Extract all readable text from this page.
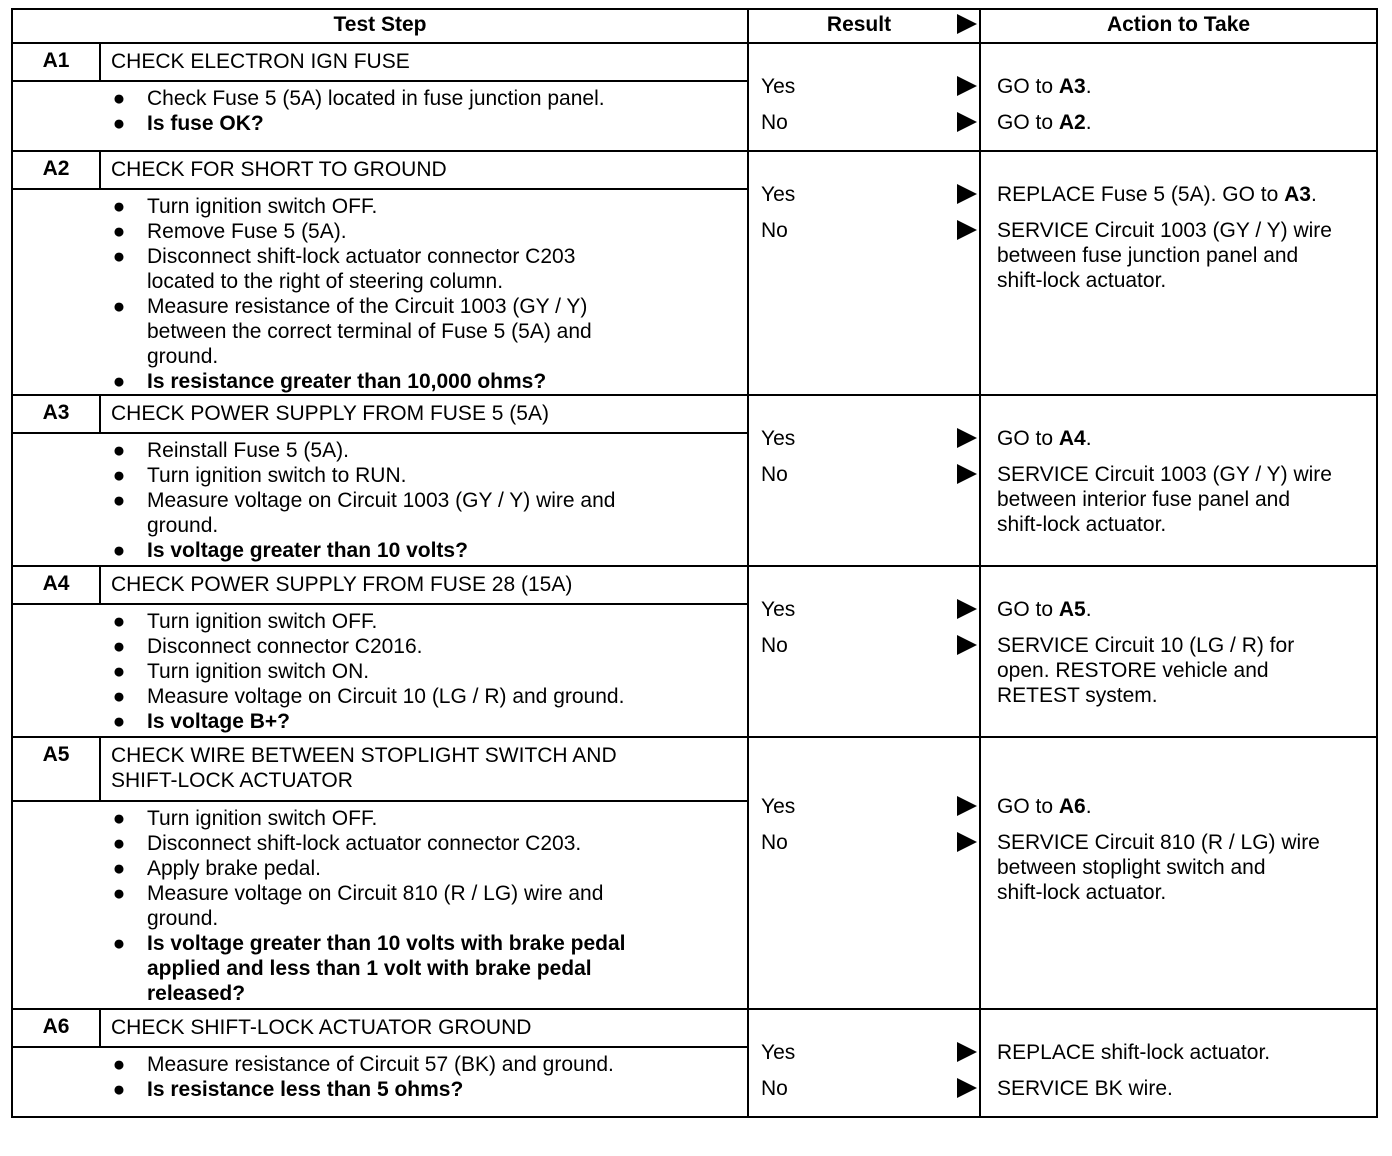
Test Step	Result	Action to Take
A1	CHECK ELECTRON IGN FUSE
● Check Fuse 5 (5A) located in fuse junction panel.
● Is fuse OK?
Yes	GO to A3.
No	GO to A2.
A2	CHECK FOR SHORT TO GROUND
● Turn ignition switch OFF.
● Remove Fuse 5 (5A).
● Disconnect shift-lock actuator connector C203
located to the right of steering column.
● Measure resistance of the Circuit 1003 (GY / Y)
between the correct terminal of Fuse 5 (5A) and
ground.
● Is resistance greater than 10,000 ohms?
Yes	REPLACE Fuse 5 (5A). GO to A3.
No	SERVICE Circuit 1003 (GY / Y) wire
between fuse junction panel and
shift-lock actuator.
A3	CHECK POWER SUPPLY FROM FUSE 5 (5A)
● Reinstall Fuse 5 (5A).
● Turn ignition switch to RUN.
● Measure voltage on Circuit 1003 (GY / Y) wire and
ground.
● Is voltage greater than 10 volts?
Yes	GO to A4.
No	SERVICE Circuit 1003 (GY / Y) wire
between interior fuse panel and
shift-lock actuator.
A4	CHECK POWER SUPPLY FROM FUSE 28 (15A)
● Turn ignition switch OFF.
● Disconnect connector C2016.
● Turn ignition switch ON.
● Measure voltage on Circuit 10 (LG / R) and ground.
● Is voltage B+?
Yes	GO to A5.
No	SERVICE Circuit 10 (LG / R) for
open. RESTORE vehicle and
RETEST system.
A5	CHECK WIRE BETWEEN STOPLIGHT SWITCH AND
SHIFT-LOCK ACTUATOR
● Turn ignition switch OFF.
● Disconnect shift-lock actuator connector C203.
● Apply brake pedal.
● Measure voltage on Circuit 810 (R / LG) wire and
ground.
● Is voltage greater than 10 volts with brake pedal
applied and less than 1 volt with brake pedal
released?
Yes	GO to A6.
No	SERVICE Circuit 810 (R / LG) wire
between stoplight switch and
shift-lock actuator.
A6	CHECK SHIFT-LOCK ACTUATOR GROUND
● Measure resistance of Circuit 57 (BK) and ground.
● Is resistance less than 5 ohms?
Yes	REPLACE shift-lock actuator.
No	SERVICE BK wire.
